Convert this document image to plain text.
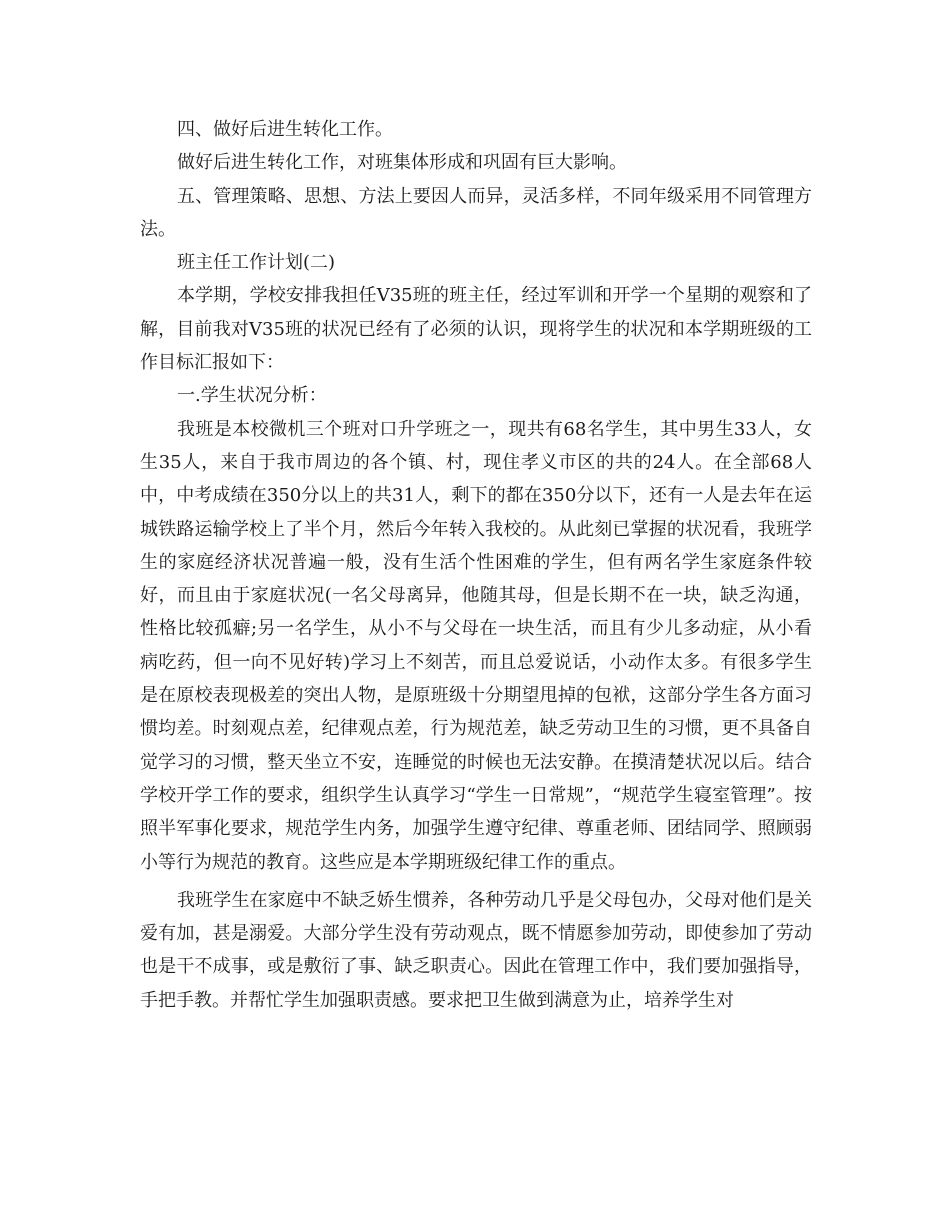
四、做好后进生转化工作。

做好后进生转化工作，对班集体形成和巩固有巨大影响。

五、管理策略、思想、方法上要因人而异，灵活多样，不同年级采用不同管理方法。

班主任工作计划(二)

本学期，学校安排我担任V35班的班主任，经过军训和开学一个星期的观察和了解，目前我对V35班的状况已经有了必须的认识，现将学生的状况和本学期班级的工作目标汇报如下：

一.学生状况分析：

我班是本校微机三个班对口升学班之一，现共有68名学生，其中男生33人，女生35人，来自于我市周边的各个镇、村，现住孝义市区的共的24人。在全部68人中，中考成绩在350分以上的共31人，剩下的都在350分以下，还有一人是去年在运城铁路运输学校上了半个月，然后今年转入我校的。从此刻已掌握的状况看，我班学生的家庭经济状况普遍一般，没有生活个性困难的学生，但有两名学生家庭条件较好，而且由于家庭状况(一名父母离异，他随其母，但是长期不在一块，缺乏沟通，性格比较孤癖;另一名学生，从小不与父母在一块生活，而且有少儿多动症，从小看病吃药，但一向不见好转)学习上不刻苦，而且总爱说话，小动作太多。有很多学生是在原校表现极差的突出人物，是原班级十分期望甩掉的包袱，这部分学生各方面习惯均差。时刻观点差，纪律观点差，行为规范差，缺乏劳动卫生的习惯，更不具备自觉学习的习惯，整天坐立不安，连睡觉的时候也无法安静。在摸清楚状况以后。结合学校开学工作的要求，组织学生认真学习“学生一日常规”，“规范学生寝室管理”。按照半军事化要求，规范学生内务，加强学生遵守纪律、尊重老师、团结同学、照顾弱小等行为规范的教育。这些应是本学期班级纪律工作的重点。

我班学生在家庭中不缺乏娇生惯养，各种劳动几乎是父母包办，父母对他们是关爱有加，甚是溺爱。大部分学生没有劳动观点，既不情愿参加劳动，即使参加了劳动也是干不成事，或是敷衍了事、缺乏职责心。因此在管理工作中，我们要加强指导，手把手教。并帮忙学生加强职责感。要求把卫生做到满意为止，培养学生对
